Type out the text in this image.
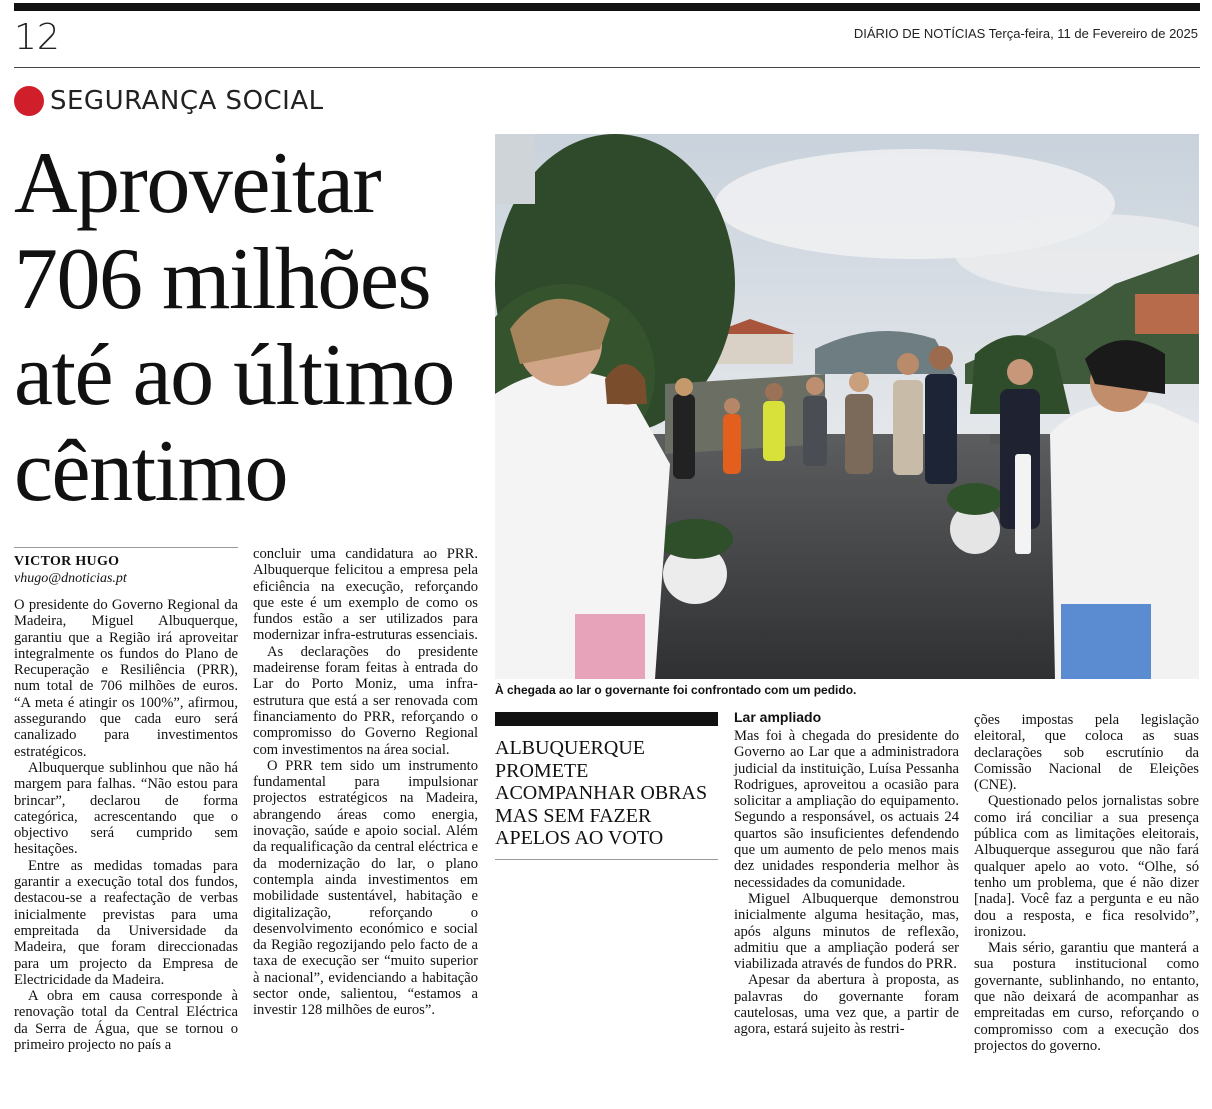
12	DIÁRIO DE NOTÍCIAS Terça-feira, 11 de Fevereiro de 2025
SEGURANÇA SOCIAL
Aproveitar
706 milhões
até ao último
cêntimo
À chegada ao lar o governante foi confrontado com um pedido.
ALBUQUERQUE
PROMETE
ACOMPANHAR OBRAS
MAS SEM FAZER
APELOS AO VOTO
VICTOR HUGO
vhugo@dnoticias.pt

O presidente do Governo Regional da Madeira, Miguel Albuquerque, garantiu que a Região irá aproveitar integralmente os fundos do Plano de Recuperação e Resiliência (PRR), num total de 706 milhões de euros. “A meta é atingir os 100%”, afirmou, assegurando que cada euro será canalizado para investimentos estratégicos.

Albuquerque sublinhou que não há margem para falhas. “Não estou para brincar”, declarou de forma categórica, acrescentando que o objectivo será cumprido sem hesitações.

Entre as medidas tomadas para garantir a execução total dos fundos, destacou-se a reafectação de verbas inicialmente previstas para uma empreitada da Universidade da Madeira, que foram direccionadas para um projecto da Empresa de Electricidade da Madeira.

A obra em causa corresponde à renovação total da Central Eléctrica da Serra de Água, que se tornou o primeiro projecto no país a

concluir uma candidatura ao PRR. Albuquerque felicitou a empresa pela eficiência na execução, reforçando que este é um exemplo de como os fundos estão a ser utilizados para modernizar infra-estruturas essenciais.

As declarações do presidente madeirense foram feitas à entrada do Lar do Porto Moniz, uma infra-estrutura que está a ser renovada com financiamento do PRR, reforçando o compromisso do Governo Regional com investimentos na área social.

O PRR tem sido um instrumento fundamental para impulsionar projectos estratégicos na Madeira, abrangendo áreas como energia, inovação, saúde e apoio social. Além da requalificação da central eléctrica e da modernização do lar, o plano contempla ainda investimentos em mobilidade sustentável, habitação e digitalização, reforçando o desenvolvimento económico e social da Região regozijando pelo facto de a taxa de execução ser “muito superior à nacional”, evidenciando a habitação sector onde, salientou, “estamos a investir 128 milhões de euros”.

Lar ampliado

Mas foi à chegada do presidente do Governo ao Lar que a administradora judicial da instituição, Luísa Pessanha Rodrigues, aproveitou a ocasião para solicitar a ampliação do equipamento. Segundo a responsável, os actuais 24 quartos são insuficientes defendendo que um aumento de pelo menos mais dez unidades responderia melhor às necessidades da comunidade.

Miguel Albuquerque demonstrou inicialmente alguma hesitação, mas, após alguns minutos de reflexão, admitiu que a ampliação poderá ser viabilizada através de fundos do PRR.

Apesar da abertura à proposta, as palavras do governante foram cautelosas, uma vez que, a partir de agora, estará sujeito às restri-

ções impostas pela legislação eleitoral, que coloca as suas declarações sob escrutínio da Comissão Nacional de Eleições (CNE).

Questionado pelos jornalistas sobre como irá conciliar a sua presença pública com as limitações eleitorais, Albuquerque assegurou que não fará qualquer apelo ao voto. “Olhe, só tenho um problema, que é não dizer [nada]. Você faz a pergunta e eu não dou a resposta, e fica resolvido”, ironizou.

Mais sério, garantiu que manterá a sua postura institucional como governante, sublinhando, no entanto, que não deixará de acompanhar as empreitadas em curso, reforçando o compromisso com a execução dos projectos do governo.
